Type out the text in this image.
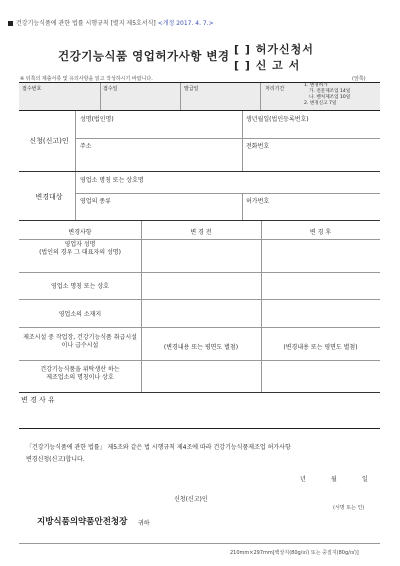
건강기능식품에 관한 법률 시행규칙 [별지 제5호서식] <개정 2017. 4. 7.>
건강기능식품 영업허가사항 변경 [ ] 허가신청서
[ ] 신 고 서
※ 뒤쪽의 제출서류 및 유의사항을 읽고 작성하시기 바랍니다.	(앞쪽)
접수번호	접수일	발급일	처리기간
1. 변경허가
가. 전문제조업 14일
나. 벤처제조업 10일
2. 변경신고 7일
신청(신고)인
성명(법인명)	생년월일(법인등록번호)
주소	전화번호
변경대상
영업소 명칭 또는 상호명
영업의 종류	허가번호
변경사항	변 경 전	변 경 후
영업자 성명
(법인의 경우 그 대표자의 성명)
영업소 명칭 또는 상호
영업소의 소재지
제조시설 중 작업장, 건강기능식품 취급시설이나 급수시설	(변경내용 또는 평면도 별첨)	(변경내용 또는 평면도 별첨)
건강기능식품을 위탁생산 하는
제조업소의 명칭이나 상호
변 경 사 유
「건강기능식품에 관한 법률」 제5조와 같은 법 시행규칙 제4조에 따라 건강기능식품제조업 허가사항
변경신청(신고)합니다.
년	월	일
신청(신고)인
(서명 또는 인)
지방식품의약품안전청장 귀하
210mm×297mm[백상지(80g/㎡) 또는 중질지(80g/㎡)]
